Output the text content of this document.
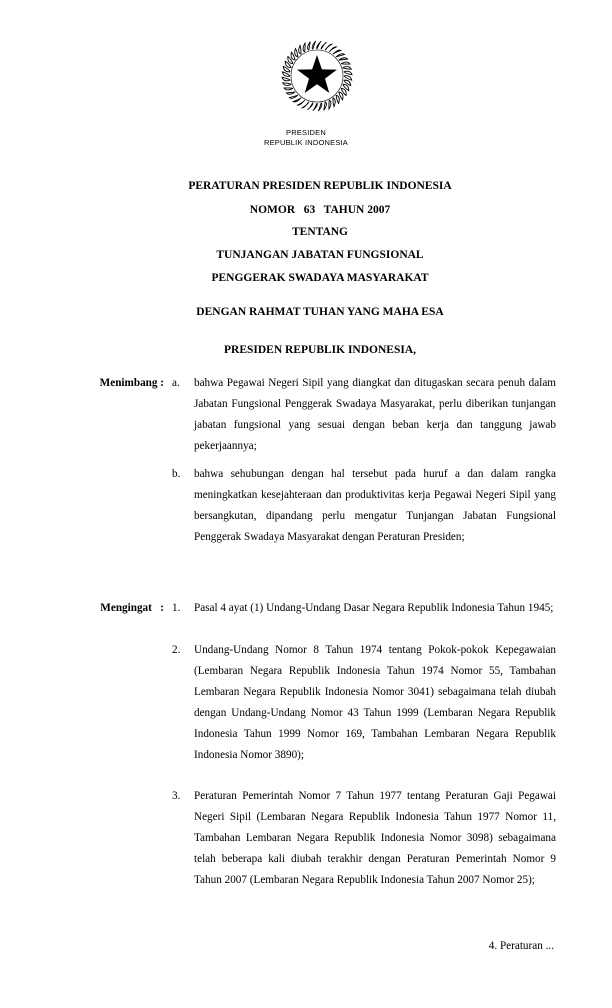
PRESIDEN
REPUBLIK INDONESIA
PERATURAN PRESIDEN REPUBLIK INDONESIA
NOMOR   63   TAHUN 2007
TENTANG
TUNJANGAN JABATAN FUNGSIONAL
PENGGERAK SWADAYA MASYARAKAT
DENGAN RAHMAT TUHAN YANG MAHA ESA
PRESIDEN REPUBLIK INDONESIA,
Menimbang : a. bahwa Pegawai Negeri Sipil yang diangkat dan ditugaskan secara penuh dalam Jabatan Fungsional Penggerak Swadaya Masyarakat, perlu diberikan tunjangan jabatan fungsional yang sesuai dengan beban kerja dan tanggung jawab pekerjaannya;
b. bahwa sehubungan dengan hal tersebut pada huruf a dan dalam rangka meningkatkan kesejahteraan dan produktivitas kerja Pegawai Negeri Sipil yang bersangkutan, dipandang perlu mengatur Tunjangan Jabatan Fungsional Penggerak Swadaya Masyarakat dengan Peraturan Presiden;
Mengingat   : 1. Pasal 4 ayat (1) Undang-Undang Dasar Negara Republik Indonesia Tahun 1945;
2. Undang-Undang Nomor 8 Tahun 1974 tentang Pokok-pokok Kepegawaian (Lembaran Negara Republik Indonesia Tahun 1974 Nomor 55, Tambahan Lembaran Negara Republik Indonesia Nomor 3041) sebagaimana telah diubah dengan Undang-Undang Nomor 43 Tahun 1999 (Lembaran Negara Republik Indonesia Tahun 1999 Nomor 169, Tambahan Lembaran Negara Republik Indonesia Nomor 3890);
3. Peraturan Pemerintah Nomor 7 Tahun 1977 tentang Peraturan Gaji Pegawai Negeri Sipil (Lembaran Negara Republik Indonesia Tahun 1977 Nomor 11, Tambahan Lembaran Negara Republik Indonesia Nomor 3098) sebagaimana telah beberapa kali diubah terakhir dengan Peraturan Pemerintah Nomor 9 Tahun 2007 (Lembaran Negara Republik Indonesia Tahun 2007 Nomor 25);
4. Peraturan ...
